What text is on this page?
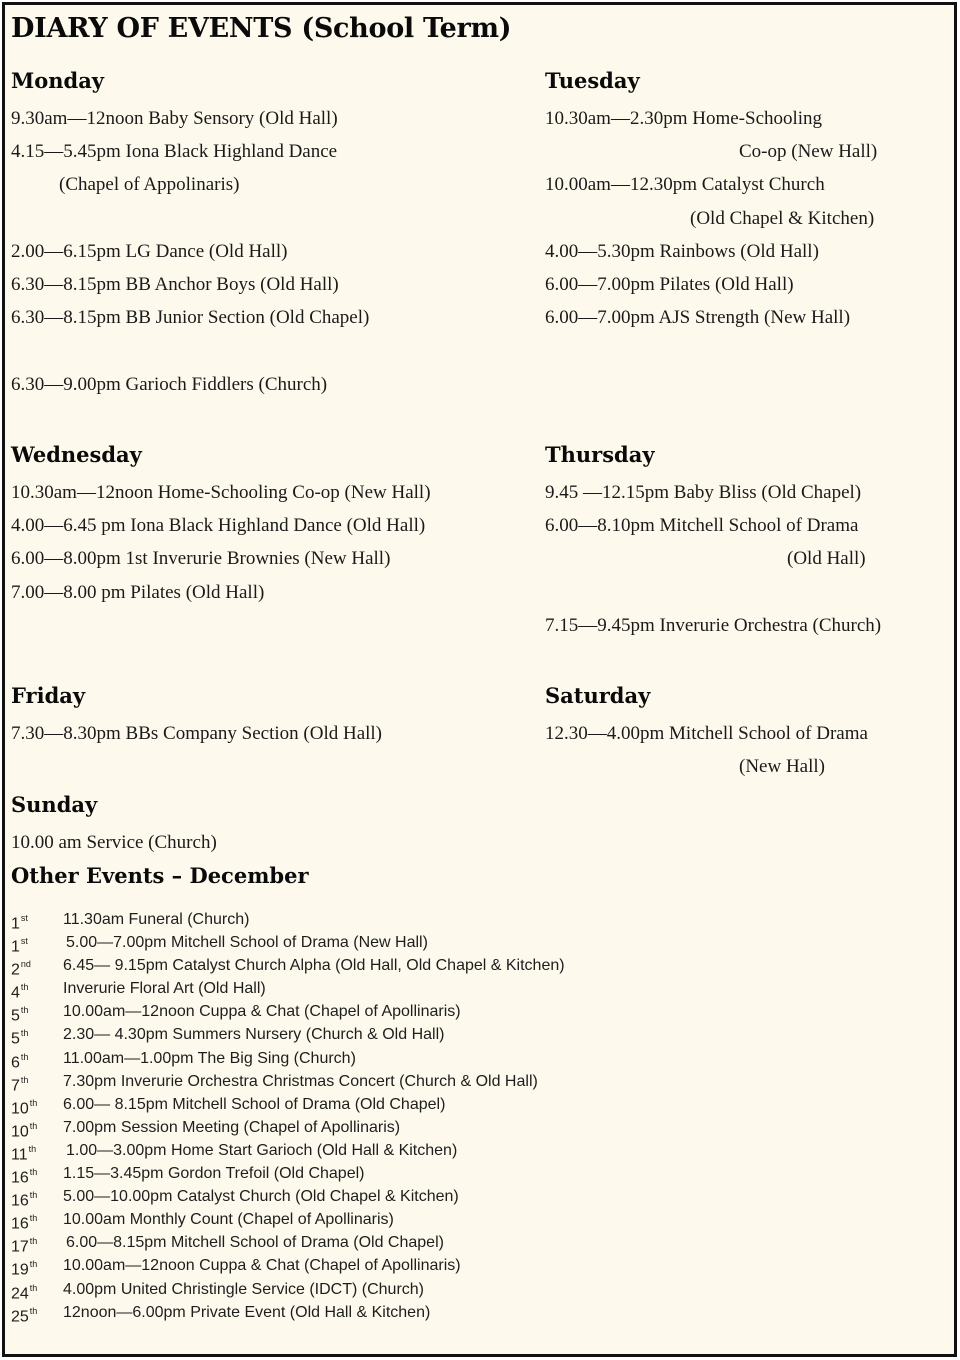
DIARY OF EVENTS (School Term)
Monday
9.30am—12noon Baby Sensory (Old Hall)
4.15—5.45pm Iona Black Highland Dance
(Chapel of Appolinaris)
2.00—6.15pm LG Dance (Old Hall)
6.30—8.15pm BB Anchor Boys (Old Hall)
6.30—8.15pm BB Junior Section (Old Chapel)
6.30—9.00pm Garioch Fiddlers (Church)
Tuesday
10.30am—2.30pm Home-Schooling
Co-op (New Hall)
10.00am—12.30pm Catalyst Church
(Old Chapel & Kitchen)
4.00—5.30pm Rainbows (Old Hall)
6.00—7.00pm Pilates (Old Hall)
6.00—7.00pm AJS Strength (New Hall)
Wednesday
10.30am—12noon Home-Schooling Co-op (New Hall)
4.00—6.45 pm Iona Black Highland Dance (Old Hall)
6.00—8.00pm 1st Inverurie Brownies (New Hall)
7.00—8.00 pm Pilates (Old Hall)
Thursday
9.45 —12.15pm Baby Bliss (Old Chapel)
6.00—8.10pm Mitchell School of Drama
(Old Hall)
7.15—9.45pm Inverurie Orchestra (Church)
Friday
7.30—8.30pm BBs Company Section (Old Hall)
Saturday
12.30—4.00pm Mitchell School of Drama
(New Hall)
Sunday
10.00 am Service (Church)
Other Events – December
1st	11.30am Funeral (Church)
1st	5.00—7.00pm Mitchell School of Drama (New Hall)
2nd	6.45— 9.15pm Catalyst Church Alpha (Old Hall, Old Chapel & Kitchen)
4th	Inverurie Floral Art (Old Hall)
5th	10.00am—12noon Cuppa & Chat (Chapel of Apollinaris)
5th	2.30— 4.30pm Summers Nursery (Church & Old Hall)
6th	11.00am—1.00pm The Big Sing (Church)
7th	7.30pm Inverurie Orchestra Christmas Concert (Church & Old Hall)
10th	6.00— 8.15pm Mitchell School of Drama (Old Chapel)
10th	7.00pm Session Meeting (Chapel of Apollinaris)
11th	1.00—3.00pm Home Start Garioch (Old Hall & Kitchen)
16th	1.15—3.45pm Gordon Trefoil (Old Chapel)
16th	5.00—10.00pm Catalyst Church (Old Chapel & Kitchen)
16th	10.00am Monthly Count (Chapel of Apollinaris)
17th	6.00—8.15pm Mitchell School of Drama (Old Chapel)
19th	10.00am—12noon Cuppa & Chat (Chapel of Apollinaris)
24th	4.00pm United Christingle Service (IDCT) (Church)
25th	12noon—6.00pm Private Event (Old Hall & Kitchen)
